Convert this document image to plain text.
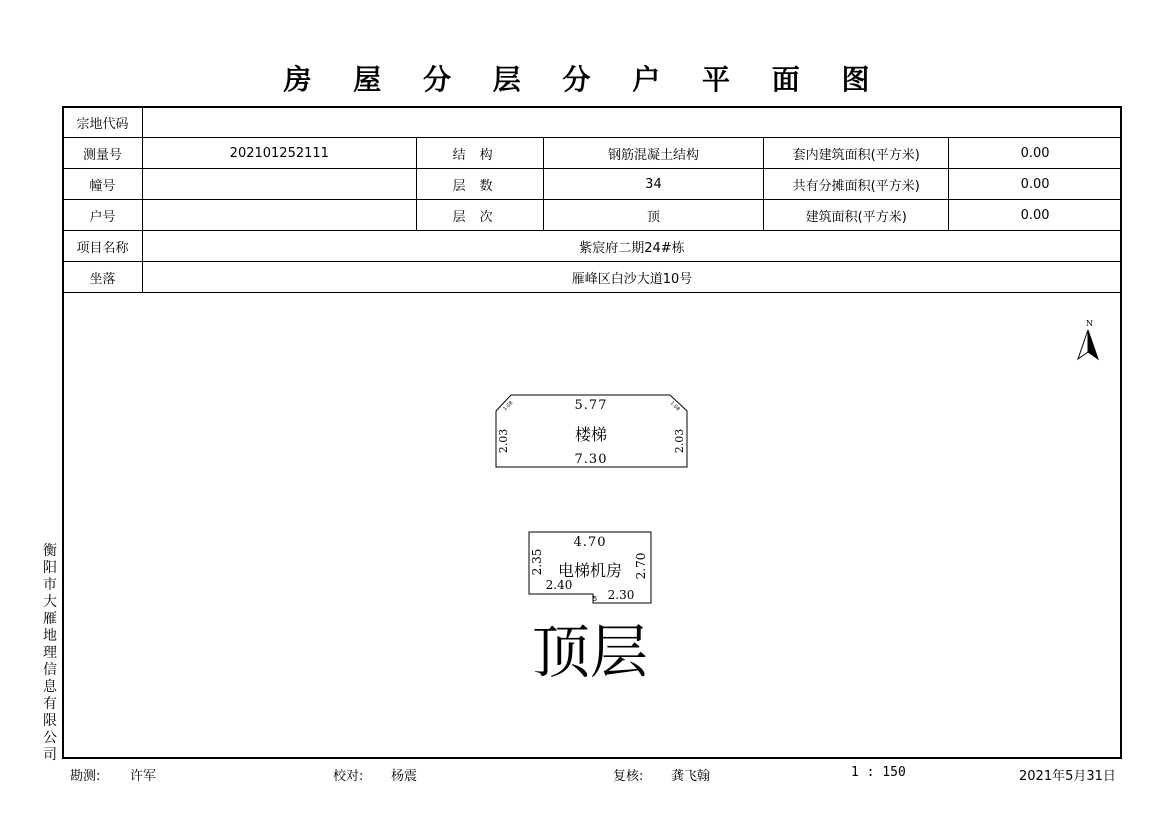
房 屋 分 层 分 户 平 面 图
宗地代码					
测量号	202101252111	结构	钢筋混凝土结构	套内建筑面积(平方米)	0.00
幢号		层数	34	共有分摊面积(平方米)	0.00
户号		层次	顶	建筑面积(平方米)	0.00
项目名称	紫宸府二期24#栋				
坐落	雁峰区白沙大道10号				
N
5.77
楼梯
7.30
2.03	2.03
1.08	1.08
4.70
电梯机房
2.35	2.70
2.40
2.30
5
顶层
衡阳市大雁地理信息有限公司
勘测: 许军	校对: 杨震	复核: 龚飞翰	1 : 150	2021年5月31日
